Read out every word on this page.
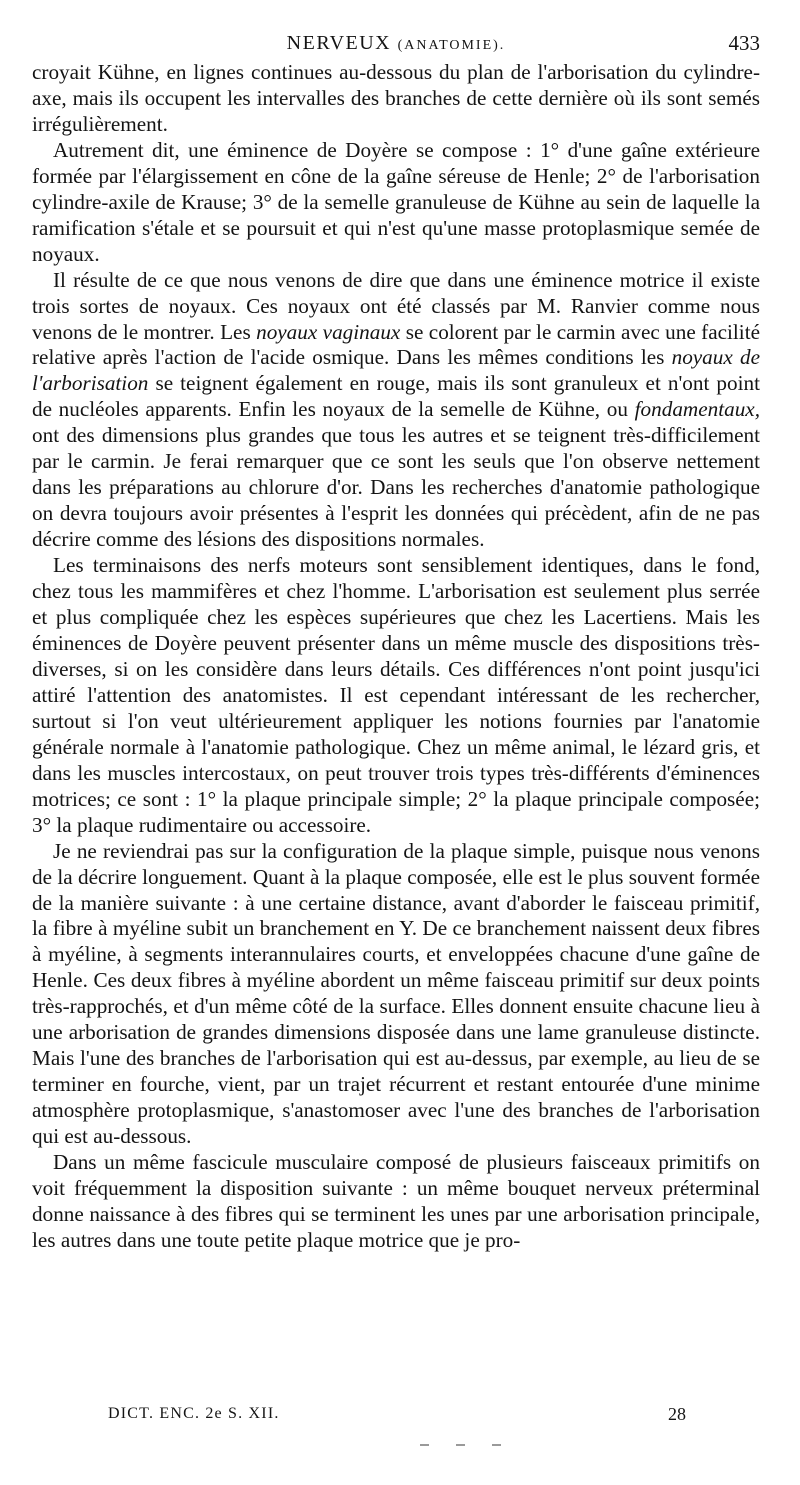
NERVEUX (ANATOMIE).	433

croyait Kühne, en lignes continues au-dessous du plan de l'arborisation du cylindre-axe, mais ils occupent les intervalles des branches de cette dernière où ils sont semés irrégulièrement.

Autrement dit, une éminence de Doyère se compose : 1° d'une gaîne extérieure formée par l'élargissement en cône de la gaîne séreuse de Henle; 2° de l'arborisation cylindre-axile de Krause; 3° de la semelle granuleuse de Kühne au sein de laquelle la ramification s'étale et se poursuit et qui n'est qu'une masse protoplasmique semée de noyaux.

Il résulte de ce que nous venons de dire que dans une éminence motrice il existe trois sortes de noyaux. Ces noyaux ont été classés par M. Ranvier comme nous venons de le montrer. Les noyaux vaginaux se colorent par le carmin avec une facilité relative après l'action de l'acide osmique. Dans les mêmes conditions les noyaux de l'arborisation se teignent également en rouge, mais ils sont granuleux et n'ont point de nucléoles apparents. Enfin les noyaux de la semelle de Kühne, ou fondamentaux, ont des dimensions plus grandes que tous les autres et se teignent très-difficilement par le carmin. Je ferai remarquer que ce sont les seuls que l'on observe nettement dans les préparations au chlorure d'or. Dans les recherches d'anatomie pathologique on devra toujours avoir présentes à l'esprit les données qui précèdent, afin de ne pas décrire comme des lésions des dispositions normales.

Les terminaisons des nerfs moteurs sont sensiblement identiques, dans le fond, chez tous les mammifères et chez l'homme. L'arborisation est seulement plus serrée et plus compliquée chez les espèces supérieures que chez les Lacertiens. Mais les éminences de Doyère peuvent présenter dans un même muscle des dispositions très-diverses, si on les considère dans leurs détails. Ces différences n'ont point jusqu'ici attiré l'attention des anatomistes. Il est cependant intéressant de les rechercher, surtout si l'on veut ultérieurement appliquer les notions fournies par l'anatomie générale normale à l'anatomie pathologique. Chez un même animal, le lézard gris, et dans les muscles intercostaux, on peut trouver trois types très-différents d'éminences motrices; ce sont : 1° la plaque principale simple; 2° la plaque principale composée; 3° la plaque rudimentaire ou accessoire.

Je ne reviendrai pas sur la configuration de la plaque simple, puisque nous venons de la décrire longuement. Quant à la plaque composée, elle est le plus souvent formée de la manière suivante : à une certaine distance, avant d'aborder le faisceau primitif, la fibre à myéline subit un branchement en Y. De ce branchement naissent deux fibres à myéline, à segments interannulaires courts, et enveloppées chacune d'une gaîne de Henle. Ces deux fibres à myéline abordent un même faisceau primitif sur deux points très-rapprochés, et d'un même côté de la surface. Elles donnent ensuite chacune lieu à une arborisation de grandes dimensions disposée dans une lame granuleuse distincte. Mais l'une des branches de l'arborisation qui est au-dessus, par exemple, au lieu de se terminer en fourche, vient, par un trajet récurrent et restant entourée d'une minime atmosphère protoplasmique, s'anastomoser avec l'une des branches de l'arborisation qui est au-dessous.

Dans un même fascicule musculaire composé de plusieurs faisceaux primitifs on voit fréquemment la disposition suivante : un même bouquet nerveux préterminal donne naissance à des fibres qui se terminent les unes par une arborisation principale, les autres dans une toute petite plaque motrice que je pro-

DICT. ENC. 2e S. XII.	28
